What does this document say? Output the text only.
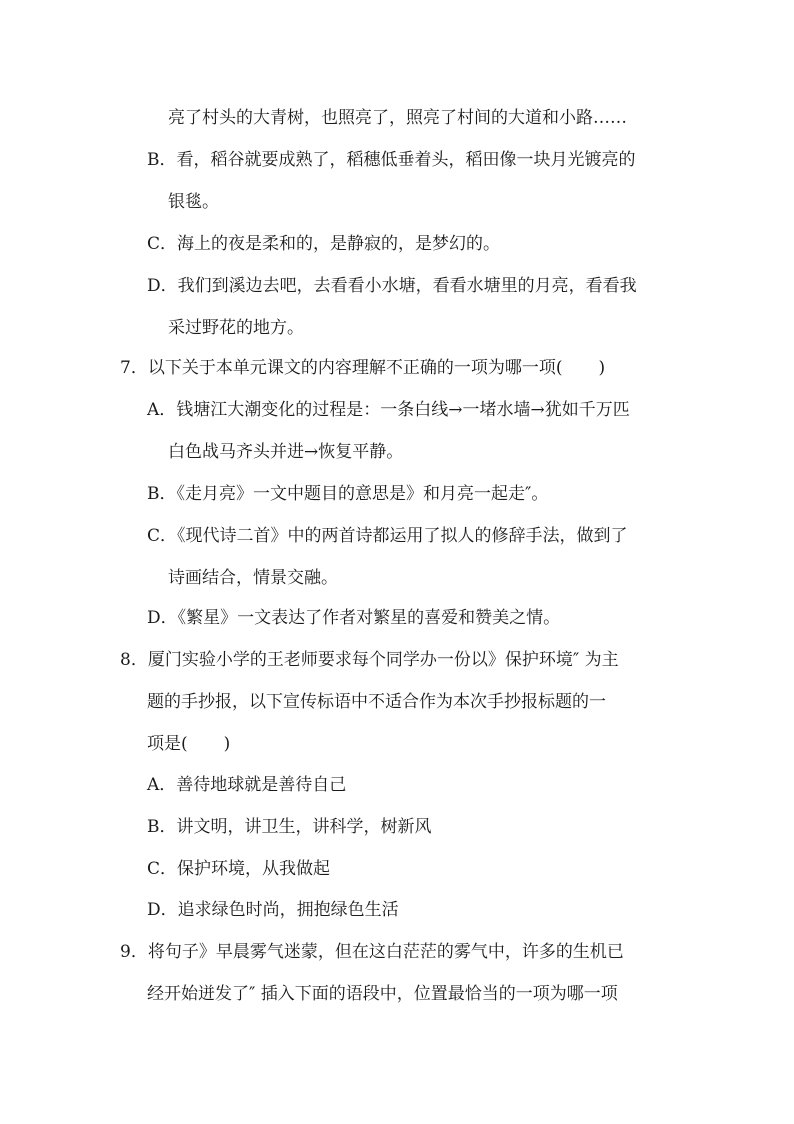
亮了村头的大青树，也照亮了，照亮了村间的大道和小路……
B．看，稻谷就要成熟了，稻穗低垂着头，稻田像一块月光镀亮的
银毯。
C．海上的夜是柔和的，是静寂的，是梦幻的。
D．我们到溪边去吧，去看看小水塘，看看水塘里的月亮，看看我
采过野花的地方。
7．以下关于本单元课文的内容理解不正确的一项为哪一项( )
A．钱塘江大潮变化的过程是：一条白线→一堵水墙→犹如千万匹
白色战马齐头并进→恢复平静。
B．《走月亮》一文中题目的意思是》和月亮一起走″。
C．《现代诗二首》中的两首诗都运用了拟人的修辞手法，做到了
诗画结合，情景交融。
D．《繁星》一文表达了作者对繁星的喜爱和赞美之情。
8．厦门实验小学的王老师要求每个同学办一份以》保护环境″ 为主
题的手抄报，以下宣传标语中不适合作为本次手抄报标题的一
项是( )
A．善待地球就是善待自己
B．讲文明，讲卫生，讲科学，树新风
C．保护环境，从我做起
D．追求绿色时尚，拥抱绿色生活
9．将句子》早晨雾气迷蒙，但在这白茫茫的雾气中，许多的生机已
经开始迸发了″ 插入下面的语段中，位置最恰当的一项为哪一项
